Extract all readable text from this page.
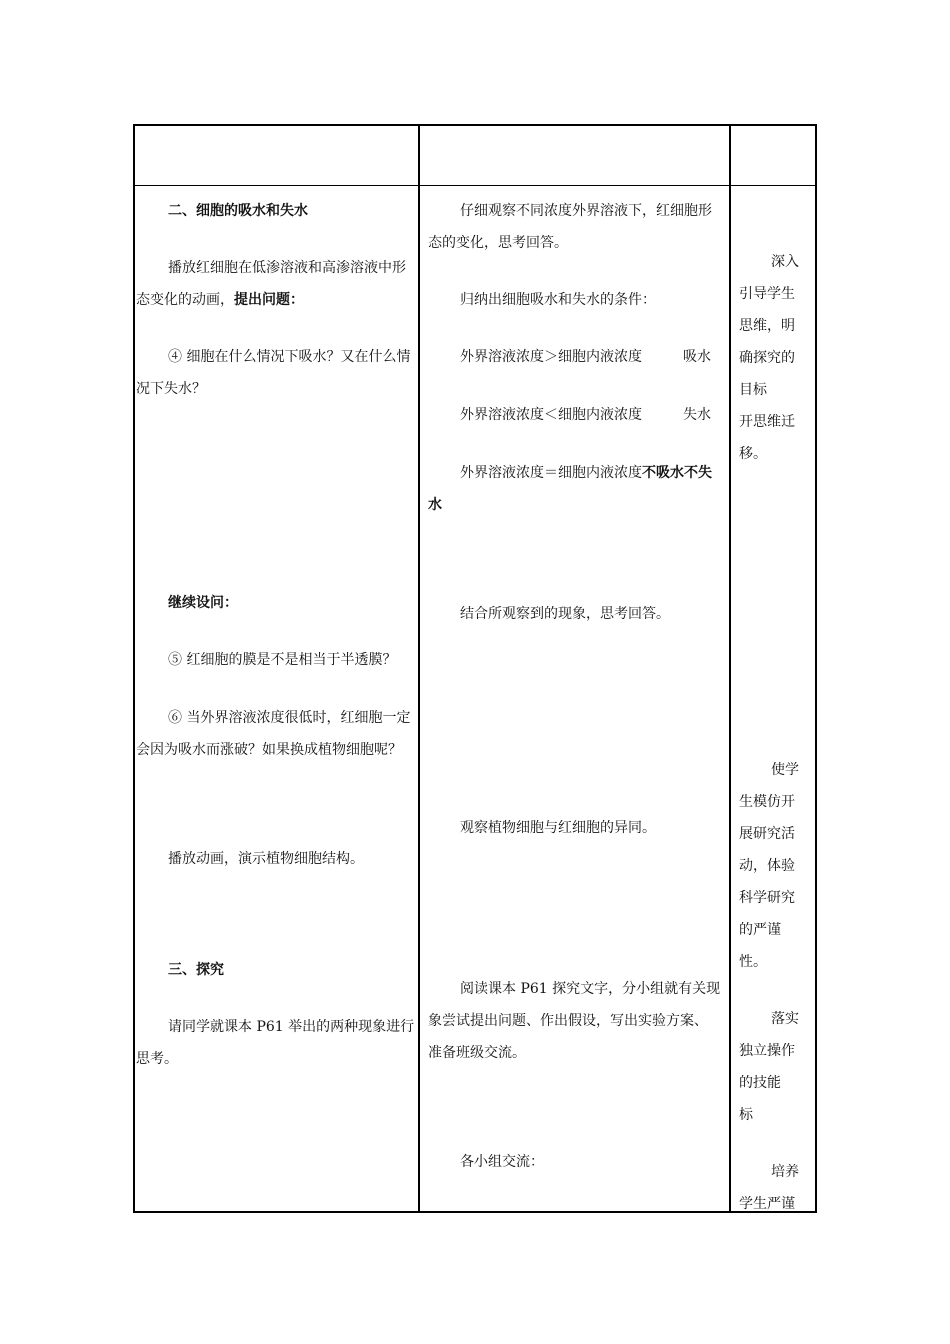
二、细胞的吸水和失水
播放红细胞在低渗溶液和高渗溶液中形
态变化的动画，提出问题：
④ 细胞在什么情况下吸水？又在什么情
况下失水？
继续设问：
⑤ 红细胞的膜是不是相当于半透膜？
⑥ 当外界溶液浓度很低时，红细胞一定
会因为吸水而涨破？如果换成植物细胞呢？
播放动画，演示植物细胞结构。
三、探究
请同学就课本 P61 举出的两种现象进行
思考。
仔细观察不同浓度外界溶液下，红细胞形
态的变化，思考回答。
归纳出细胞吸水和失水的条件：
外界溶液浓度＞细胞内液浓度	吸水
外界溶液浓度＜细胞内液浓度	失水
外界溶液浓度＝细胞内液浓度不吸水不失
水
结合所观察到的现象，思考回答。
观察植物细胞与红细胞的异同。
阅读课本 P61 探究文字，分小组就有关现
象尝试提出问题、作出假设，写出实验方案、
准备班级交流。
各小组交流：
深入
引导学生
思维，明
确探究的
目标
开思维迁
移。
使学
生模仿开
展研究活
动，体验
科学研究
的严谨
性。
落实
独立操作
的技能
标
培养
学生严谨
